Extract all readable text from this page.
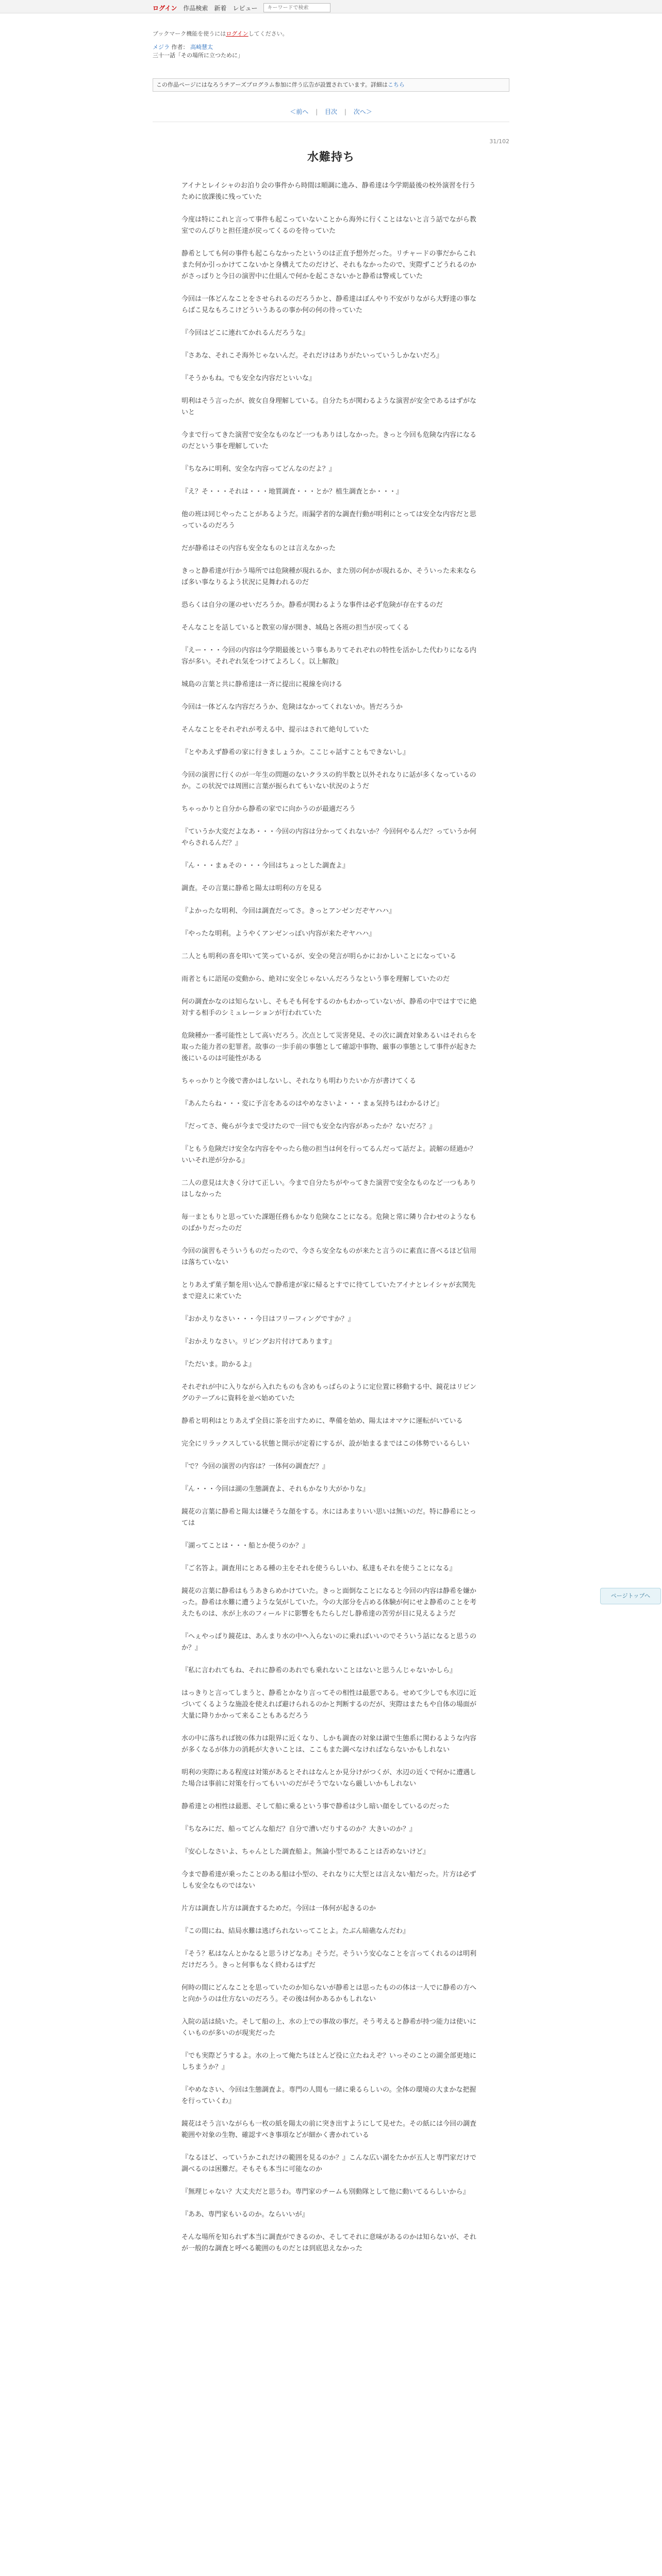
ログイン 作品検索 新着 レビュー
キーワードで検索
ブックマーク機能を使うにはログインしてください。
メジラ 作者： 高崎慧太
三十一話「その場所に立つために」
この作品ページにはなろうチアーズプログラム参加に伴う広告が設置されています。詳細はこちら
＜前へ | 目次 | 次へ＞
31/102
水難持ち

アイナとレイシャのお泊り会の事件から時間は順調に進み、静希達は今学期最後の校外演習を行うために放課後に残っていた

今度は特にこれと言って事件も起こっていないことから海外に行くことはないと言う話でながら教室でのんびりと担任達が戻ってくるのを待っていた

静希としても何の事件も起こらなかったというのは正直予想外だった。リチャードの事だからこれまた何か引っかけてこないかと身構えてたのだけど、それもなかったので、実際ずこどうれるのかがさっぱりと今日の演習中に仕組んで何かを起こさないかと静希は警戒していた

今回は一体どんなことをさせられるのだろうかと、静希達はぼんやり不安がりながら大野達の事ならばこ見なもろこけどういうあるの事か何の何の待っていた

『今回はどこに連れてかれるんだろうな』

『さあな、それこそ海外じゃないんだ。それだけはありがたいっていうしかないだろ』

『そうかもね。でも安全な内容だといいな』

明利はそう言ったが、彼女自身理解している。自分たちが関わるような演習が安全であるはずがないと

今まで行ってきた演習で安全なものなど一つもありはしなかった。きっと今回も危険な内容になるのだという事を理解していた

『ちなみに明利、安全な内容ってどんなのだよ？』

『え？そ・・・それは・・・地質調査・・・とか？植生調査とか・・・』

他の班は同じやったことがあるようだ。雨漏学者的な調査行動が明利にとっては安全な内容だと思っているのだろう

だが静希はその内容も安全なものとは言えなかった

きっと静希達が行かう場所では危険種が現れるか、また別の何かが現れるか、そういった未来ならば多い事なりるよう状況に見舞われるのだ

恐らくは自分の運のせいだろうか。静希が関わるような事件は必ず危険が存在するのだ

そんなことを話していると教室の扉が開き、城島と各班の担当が戻ってくる

『えー・・・今回の内容は今学期最後という事もありてそれぞれの特性を活かした代わりになる内容が多い。それぞれ気をつけてよろしく。以上解散』

城島の言葉と共に静希達は一斉に提出に視線を向ける

今回は一体どんな内容だろうか、危険はなかってくれないか。皆だろうか

そんなことをそれぞれが考える中、提示はされて絶句していた

『とやあえず静希の家に行きましょうか。ここじゃ話すこともできないし』

今回の演習に行くのが一年生の問題のないクラスの約半数と以外それなりに話が多くなっているのか。この状況では周囲に言葉が振られてもいない状況のようだ

ちゃっかりと自分から静希の家でに向かうのが最適だろう

『ていうか大変だよなあ・・・今回の内容は分かってくれないか？今回何やるんだ？っていうか何やらされるんだ？』

『ん・・・まぁその・・・今回はちょっとした調査よ』

調査。その言葉に静希と陽太は明利の方を見る

『よかったな明利、今回は調査だってさ。きっとアンゼンだぞヤハハ』

『やったな明利。ようやくアンゼンっぽい内容が来たぞヤハハ』

二人とも明利の喜を叩いて笑っているが、安全の発言が明らかにおかしいことになっている

雨者ともに語尾の変動から、絶対に安全じゃないんだろうなという事を理解していたのだ

何の調査かなのは知らないし、そもそも何をするのかもわかっていないが、静希の中ではすでに絶対する相手のシミュレーションが行われていた

危険種か一番可能性として高いだろう。次点として災害発見、その次に調査対象あるいはそれらを取った能力者の犯罪者。故事の一歩手前の事態として確認中事物、厳事の事態として事件が起きた後にいるのは可能性がある

ちゃっかりと今後で書かはしないし、それなりも明わりたいか方が書けてくる

『あんたらね・・・変に予言をあるのはやめなさいよ・・・まぁ気持ちはわかるけど』

『だってさ、俺らが今まで受けたので一回でも安全な内容があったか？ないだろ？』

『ともう危険だけ安全な内容をやったら他の担当は何を行ってるんだって話だよ。読解の経過か？いいそれ逆が分かる』

二人の意見は大きく分けて正しい。今まで自分たちがやってきた演習で安全なものなど一つもありはしなかった

毎一まともりと思っていた課題任務もかなり危険なことになる。危険と常に隣り合わせのようなものばかりだったのだ

今回の演習もそういうものだったので、今さら安全なものが来たと言うのに素直に喜べるほど信用は落ちていない

とりあえず菓子類を用い込んで静希達が家に帰るとすでに待てしていたアイナとレイシャが玄関先まで迎えに来ていた

『おかえりなさい・・・今日はフリーフィングですか？』

『おかえりなさい。リビングお片付けてあります』

『ただいま。助かるよ』

それぞれが中に入りながら入れたものも含めもっぱらのように定位置に移動する中、鏡花はリビングのテーブルに資料を並べ始めていた

静希と明利はとりあえず全員に茶を出すために、準備を始め、陽太はオマケに運転がいている

完全にリラックスしている状態と開示が定着にするが、設が始まるまではこの体勢でいるらしい

『で？今回の演習の内容は？一体何の調査だ？』

『ん・・・今回は湖の生態調査よ、それもかなり大がかりな』

鏡花の言葉に静希と陽太は嫌そうな顔をする。水にはあまりいい思いは無いのだ。特に静希にとっては

『湖ってことは・・・船とか使うのか？』

『ご名答よ。調査用にとある種の主をそれを使うらしいわ、私達もそれを使うことになる』

鏡花の言葉に静希はもうあきらめかけていた。きっと面倒なことになると今回の内容は静希を嫌かった。静希は水難に遭うような気がしていた。今の大部分を占める体験が何にせよ静希のことを考えたものは、水が上水のフィールドに影響をもたらしだし静希達の苦労が目に見えるようだ

『へぇやっぱり鏡花は、あんまり水の中へ入らないのに乗ればいいのでそういう話になると思うのか？』

『私に言われてもね、それに静希のあれでも乗れないことはないと思うんじゃないかしら』

はっきりと言ってしまうと、静希とかなり言ってその相性は最悪である。せめて少しでも水辺に近づいてくるような施設を使えれば避けられるのかと判断するのだが、実際はまたもや自体の場面が大量に降りかかって来ることもあるだろう

水の中に落ちれば彼の体力は限界に近くなり、しかも調査の対象は湖で生態系に関わるような内容が多くなるが体力の消耗が大きいことは、ここもまた調べなければならないかもしれない

明利の実際にある程度は対策があるとそれはなんとか見分けがつくが、水辺の近くで何かに遭遇した場合は事前に対策を行ってもいいのだがそうでないなら厳しいかもしれない

静希達との相性は最悪、そして船に乗るという事で静希は少し暗い顔をしているのだった

『ちなみにだ、船ってどんな船だ？自分で漕いだりするのか？大きいのか？』

『安心しなさいよ、ちゃんとした調査船よ。無論小型であることは否めないけど』

今まで静希達が乗ったことのある船は小型の、それなりに大型とは言えない船だった。片方は必ずしも安全なものではない

片方は調査し片方は調査するためだ。今回は一体何が起きるのか

『この間にね、結局水難は逃げられないってことよ。たぶん暗礁なんだわ』

『そう？私はなんとかなると思うけどなあ』そうだ。そういう安心なことを言ってくれるのは明利だけだろう。きっと何事もなく終わるはずだ

何時の間にどんなことを思っていたのか知らないが静希とは思ったものの体は一人でに静希の方へと向かうのは仕方ないのだろう。その後は何かあるかもしれない

入院の話は続いた。そして船の上、水の上での事故の事だ。そう考えると静希が持つ能力は使いにくいものが多いのが現実だった

『でも実際どうするよ。水の上って俺たちほとんど役に立たねえぞ？いっそのことの湖全部更地にしちまうか？』

『やめなさい、今回は生態調査よ。専門の人間も一緒に乗るらしいの。全体の環境の大まかな把握を行っていくわ』

鏡花はそう言いながらも一枚の紙を陽太の前に突き出すようにして見せた。その紙には今回の調査範囲や対象の生物、確認すべき事項などが細かく書かれている

『なるほど、っていうかこれだけの範囲を見るのか？』こんな広い湖をたかが五人と専門家だけで調べるのは困難だ。そもそも本当に可能なのか

『無理じゃない？大丈夫だと思うわ。専門家のチームも別動隊として他に動いてるらしいから』

『ああ、専門家もいるのか。ならいいが』

そんな場所を知られず本当に調査ができるのか、そしてそれに意味があるのかは知らないが、それが一般的な調査と呼べる範囲のものだとは到底思えなかった

ページトップへ
